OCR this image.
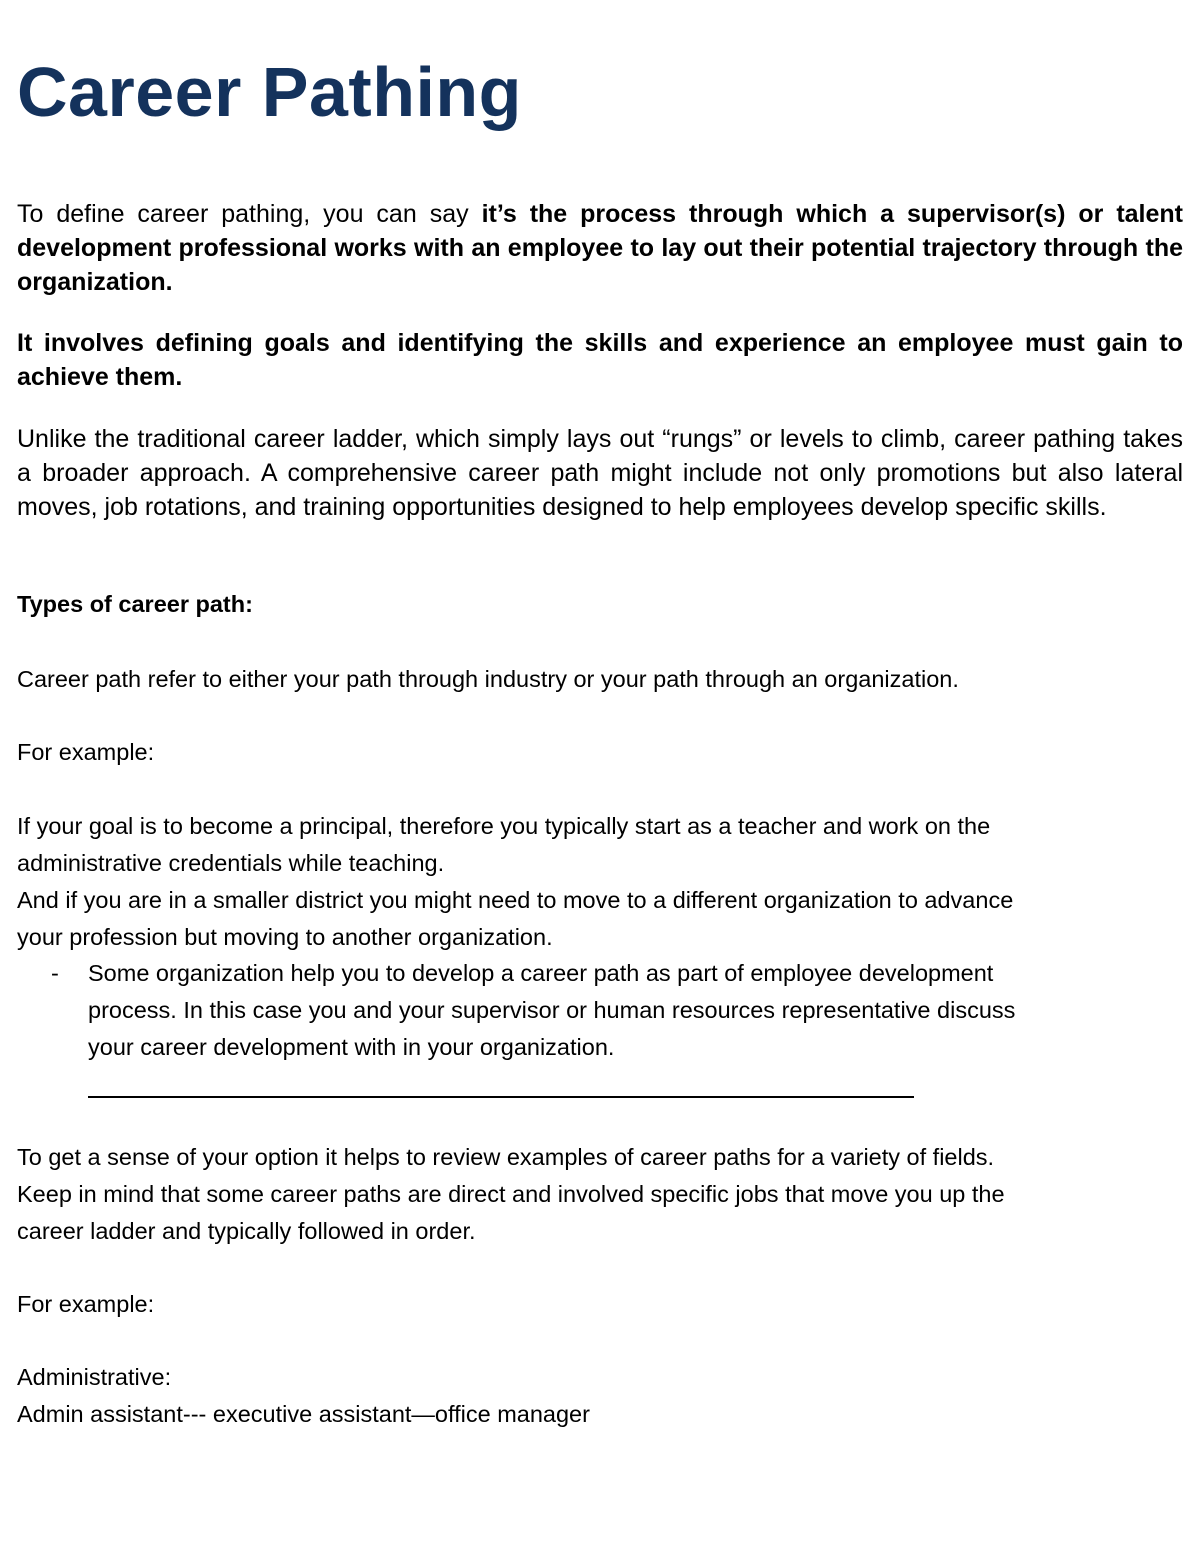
Career Pathing

To define career pathing, you can say it’s the process through which a supervisor(s) or talent development professional works with an employee to lay out their potential trajectory through the organization.

It involves defining goals and identifying the skills and experience an employee must gain to achieve them.

Unlike the traditional career ladder, which simply lays out “rungs” or levels to climb, career pathing takes a broader approach. A comprehensive career path might include not only promotions but also lateral moves, job rotations, and training opportunities designed to help employees develop specific skills.

Types of career path:

Career path refer to either your path through industry or your path through an organization.

For example:

If your goal is to become a principal, therefore you typically start as a teacher and work on the

administrative credentials while teaching.

And if you are in a smaller district you might need to move to a different organization to advance

your profession but moving to another organization.

- Some organization help you to develop a career path as part of employee development

process. In this case you and your supervisor or human resources representative discuss

your career development with in your organization.

To get a sense of your option it helps to review examples of career paths for a variety of fields.

Keep in mind that some career paths are direct and involved specific jobs that move you up the

career ladder and typically followed in order.

For example:

Administrative:

Admin assistant--- executive assistant—office manager
